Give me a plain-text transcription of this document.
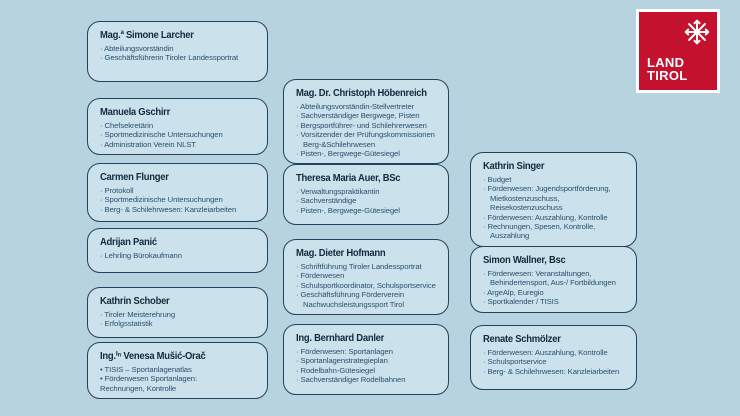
Mag.ª Simone Larcher
· Abteilungsvorständin
· Geschäftsführerin Tiroler Landessportrat
Manuela Gschirr
· Chefsekretärin
· Sportmedizinische Untersuchungen
· Administration Verein NLST
Carmen Flunger
· Protokoll
· Sportmedizinische Untersuchungen
· Berg- & Schilehrwesen: Kanzleiarbeiten
Adrijan Panić
· Lehrling Bürokaufmann
Kathrin Schober
· Tiroler Meisterehrung
· Erfolgsstatistik
Ing.ⁱⁿ Venesa Mušić-Orač
• TISIS – Sportanlagenatlas
• Förderwesen Sportanlagen:
Rechnungen, Kontrolle
Mag. Dr. Christoph Höbenreich
· Abteilungsvorständin-Stellvertreter
· Sachverständiger Bergwege, Pisten
· Bergsportführer- und Schilehrerwesen
· Vorsitzender der Prüfungskommissionen Berg-&Schilehrwesen
· Pisten-, Bergwege-Gütesiegel
Theresa Maria Auer, BSc
· Verwaltungspraktikantin
· Sachverständige
· Pisten-, Bergwege-Gütesiegel
Mag. Dieter Hofmann
· Schriftführung Tiroler Landessportrat
· Förderwesen
· Schulsportkoordinator, Schulsportservice
· Geschäftsführung Förderverein Nachwuchsleistungssport Tirol
Ing. Bernhard Danler
· Förderwesen: Sportanlagen
· Sportanlagenstrategieplan
· Rodelbahn-Gütesiegel
· Sachverständiger Rodelbahnen
Kathrin Singer
· Budget
· Förderwesen: Jugendsportförderung, Mietkostenzuschuss, Reisekostenzuschuss
· Förderwesen: Auszahlung, Kontrolle
· Rechnungen, Spesen, Kontrolle, Auszahlung
Simon Wallner, Bsc
· Förderwesen: Veranstaltungen, Behindertensport, Aus-/ Fortbildungen
· ArgeAlp, Euregio
· Sportkalender / TISIS
Renate Schmölzer
· Förderwesen: Auszahlung, Kontrolle
· Schulsportservice
· Berg- & Schilehrwesen: Kanzleiarbeiten
LAND
TIROL
